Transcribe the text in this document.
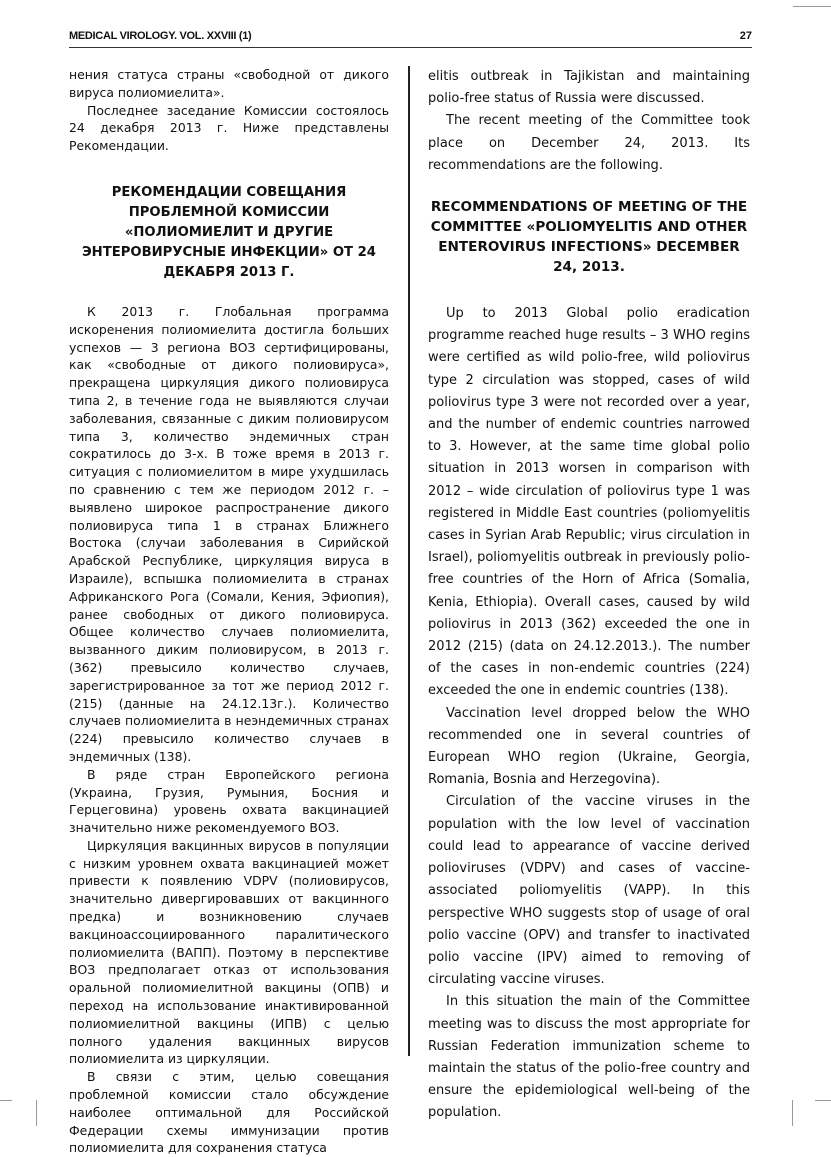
MEDICAL VIROLOGY. VOL. XXVIII (1)	27

нения статуса страны «свободной от дикого вируса полиомиелита».

Последнее заседание Комиссии состоялось 24 декабря 2013 г. Ниже представлены Рекомендации.

РЕКОМЕНДАЦИИ СОВЕЩАНИЯ ПРОБЛЕМНОЙ КОМИССИИ «ПОЛИОМИЕЛИТ И ДРУГИЕ ЭНТЕРОВИРУСНЫЕ ИНФЕКЦИИ» ОТ 24 ДЕКАБРЯ 2013 Г.

К 2013 г. Глобальная программа искоренения полиомиелита достигла больших успехов — 3 региона ВОЗ сертифицированы, как «свободные от дикого полиовируса», прекращена циркуляция дикого полиовируса типа 2, в течение года не выявляются случаи заболевания, связанные с диким полиовирусом типа 3, количество эндемичных стран сократилось до 3-х. В тоже время в 2013 г. ситуация с полиомиелитом в мире ухудшилась по сравнению с тем же периодом 2012 г. – выявлено широкое распространение дикого полиовируса типа 1 в странах Ближнего Востока (случаи заболевания в Сирийской Арабской Республике, циркуляция вируса в Израиле), вспышка полиомиелита в странах Африканского Рога (Сомали, Кения, Эфиопия), ранее свободных от дикого полиовируса. Общее количество случаев полиомиелита, вызванного диким полиовирусом, в 2013 г. (362) превысило количество случаев, зарегистрированное за тот же период 2012 г. (215) (данные на 24.12.13г.). Количество случаев полиомиелита в неэндемичных странах (224) превысило количество случаев в эндемичных (138).

В ряде стран Европейского региона (Украина, Грузия, Румыния, Босния и Герцеговина) уровень охвата вакцинацией значительно ниже рекомендуемого ВОЗ.

Циркуляция вакцинных вирусов в популяции с низким уровнем охвата вакцинацией может привести к появлению VDPV (полиовирусов, значительно дивергировавших от вакцинного предка) и возникновению случаев вакциноассоциированного паралитического полиомиелита (ВАПП). Поэтому в перспективе ВОЗ предполагает отказ от использования оральной полиомиелитной вакцины (ОПВ) и переход на использование инактивированной полиомиелитной вакцины (ИПВ) с целью полного удаления вакцинных вирусов полиомиелита из циркуляции.

В связи с этим, целью совещания проблемной комиссии стало обсуждение наиболее оптимальной для Российской Федерации схемы иммунизации против полиомиелита для сохранения статуса

elitis outbreak in Tajikistan and maintaining polio-free status of Russia were discussed.

The recent meeting of the Committee took place on December 24, 2013. Its recommendations are the following.

RECOMMENDATIONS OF MEETING OF THE COMMITTEE «POLIOMYELITIS AND OTHER ENTEROVIRUS INFECTIONS» DECEMBER 24, 2013.

Up to 2013 Global polio eradication programme reached huge results – 3 WHO regins were certified as wild polio-free, wild poliovirus type 2 circulation was stopped, cases of wild poliovirus type 3 were not recorded over a year, and the number of endemic countries narrowed to 3. However, at the same time global polio situation in 2013 worsen in comparison with 2012 – wide circulation of poliovirus type 1 was registered in Middle East countries (poliomyelitis cases in Syrian Arab Republic; virus circulation in Israel), poliomyelitis outbreak in previously polio-free countries of the Horn of Africa (Somalia, Kenia, Ethiopia). Overall cases, caused by wild poliovirus in 2013 (362) exceeded the one in 2012 (215) (data on 24.12.2013.). The number of the cases in non-endemic countries (224) exceeded the one in endemic countries (138).

Vaccination level dropped below the WHO recommended one in several countries of European WHO region (Ukraine, Georgia, Romania, Bosnia and Herzegovina).

Circulation of the vaccine viruses in the population with the low level of vaccination could lead to appearance of vaccine derived polioviruses (VDPV) and cases of vaccine-associated poliomyelitis (VAPP). In this perspective WHO suggests stop of usage of oral polio vaccine (OPV) and transfer to inactivated polio vaccine (IPV) aimed to removing of circulating vaccine viruses.

In this situation the main of the Committee meeting was to discuss the most appropriate for Russian Federation immunization scheme to maintain the status of the polio-free country and ensure the epidemiological well-being of the population.
